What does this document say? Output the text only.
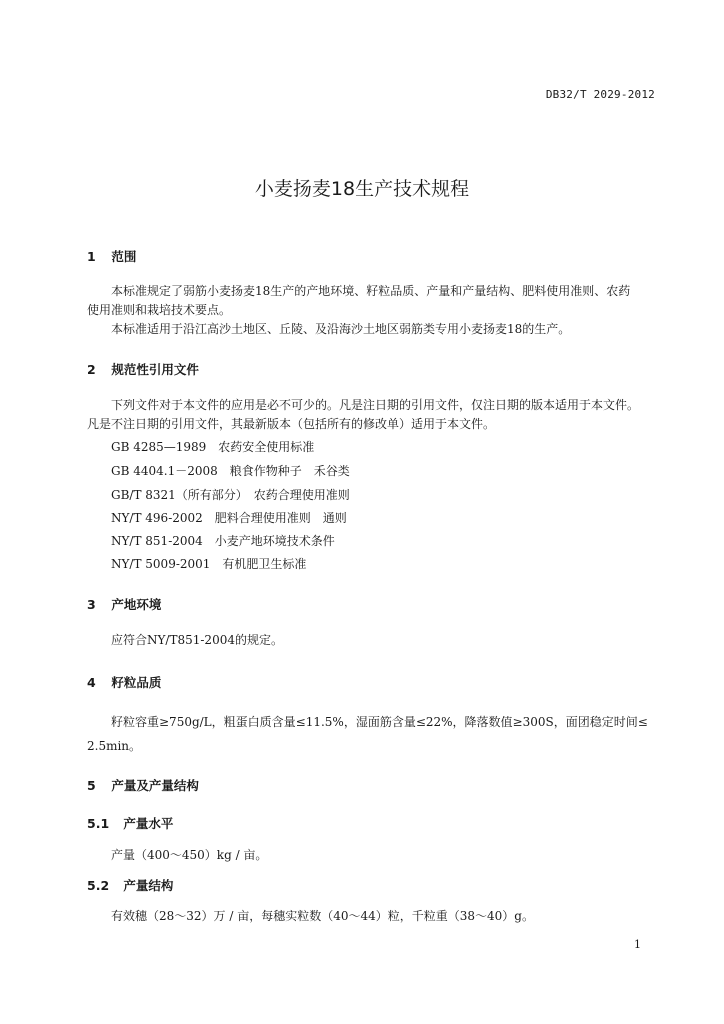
DB32/T 2029-2012
小麦扬麦18生产技术规程
1 范围
本标准规定了弱筋小麦扬麦18生产的产地环境、籽粒品质、产量和产量结构、肥料使用准则、农药
使用准则和栽培技术要点。
本标准适用于沿江高沙土地区、丘陵、及沿海沙土地区弱筋类专用小麦扬麦18的生产。
2 规范性引用文件
下列文件对于本文件的应用是必不可少的。凡是注日期的引用文件，仅注日期的版本适用于本文件。
凡是不注日期的引用文件，其最新版本（包括所有的修改单）适用于本文件。
GB 4285—1989　农药安全使用标准
GB 4404.1－2008　粮食作物种子　禾谷类
GB/T 8321（所有部分）　农药合理使用准则
NY/T 496-2002　肥料合理使用准则　通则
NY/T 851-2004　小麦产地环境技术条件
NY/T 5009-2001　有机肥卫生标准
3 产地环境
应符合NY/T851-2004的规定。
4 籽粒品质
籽粒容重≥750g/L，粗蛋白质含量≤11.5%，湿面筋含量≤22%，降落数值≥300S，面团稳定时间≤
2.5min。
5 产量及产量结构
5.1 产量水平
产量（400～450）kg / 亩。
5.2 产量结构
有效穗（28～32）万 / 亩，每穗实粒数（40～44）粒，千粒重（38～40）g。
1
